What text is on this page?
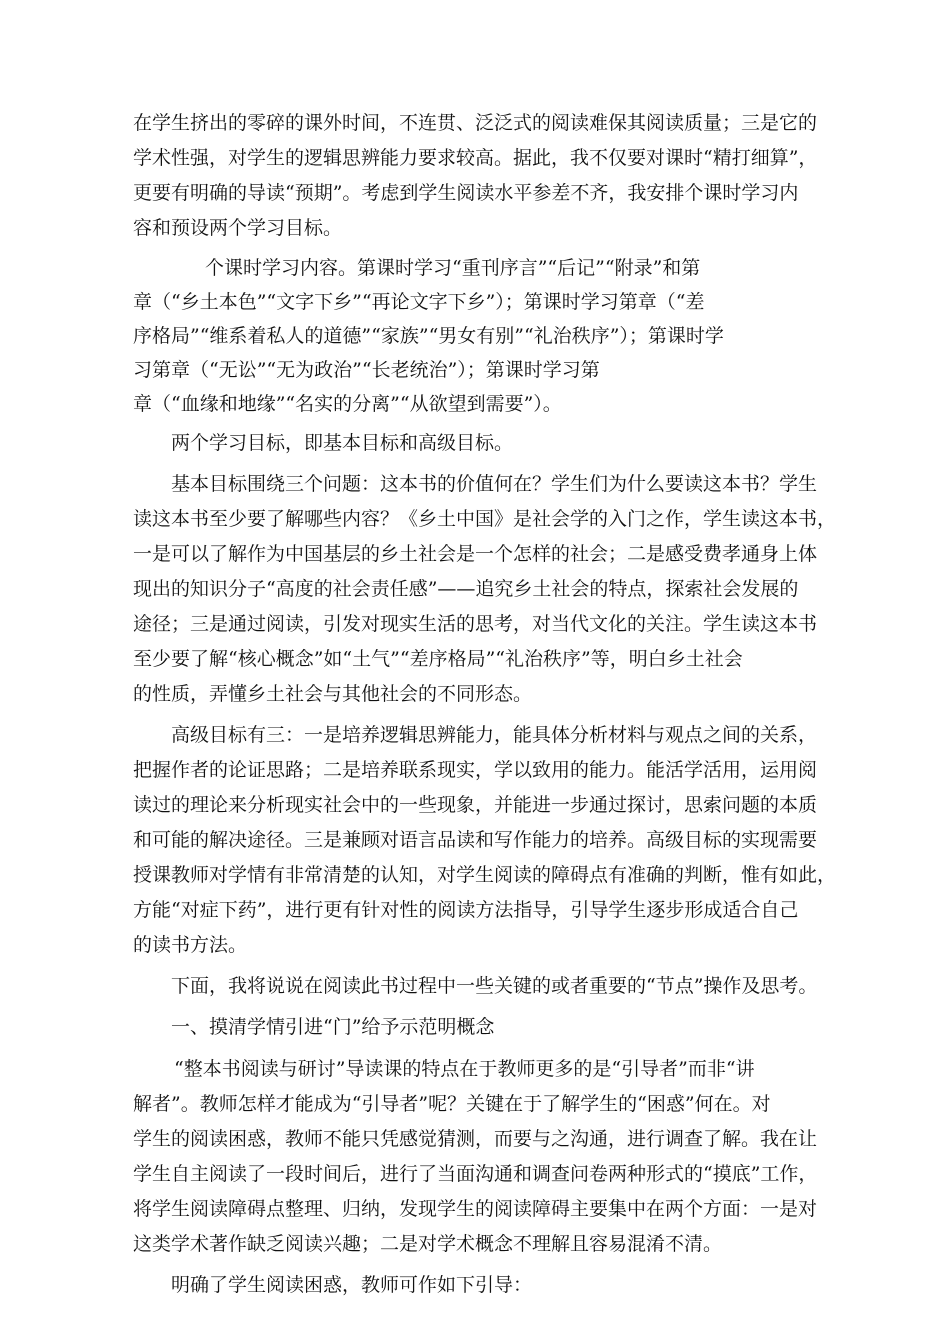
在学生挤出的零碎的课外时间，不连贯、泛泛式的阅读难保其阅读质量；三是它的
学术性强，对学生的逻辑思辨能力要求较高。据此，我不仅要对课时“精打细算”，
更要有明确的导读“预期”。考虑到学生阅读水平参差不齐，我安排个课时学习内
容和预设两个学习目标。
个课时学习内容。第课时学习“重刊序言”“后记”“附录”和第
章（“乡土本色”“文字下乡”“再论文字下乡”）；第课时学习第章（“差
序格局”“维系着私人的道德”“家族”“男女有别”“礼治秩序”）；第课时学
习第章（“无讼”“无为政治”“长老统治”）；第课时学习第
章（“血缘和地缘”“名实的分离”“从欲望到需要”）。
两个学习目标，即基本目标和高级目标。
基本目标围绕三个问题：这本书的价值何在？学生们为什么要读这本书？学生
读这本书至少要了解哪些内容？《乡土中国》是社会学的入门之作，学生读这本书，
一是可以了解作为中国基层的乡土社会是一个怎样的社会；二是感受费孝通身上体
现出的知识分子“高度的社会责任感”——追究乡土社会的特点，探索社会发展的
途径；三是通过阅读，引发对现实生活的思考，对当代文化的关注。学生读这本书
至少要了解“核心概念”如“土气”“差序格局”“礼治秩序”等，明白乡土社会
的性质，弄懂乡土社会与其他社会的不同形态。
高级目标有三：一是培养逻辑思辨能力，能具体分析材料与观点之间的关系，
把握作者的论证思路；二是培养联系现实，学以致用的能力。能活学活用，运用阅
读过的理论来分析现实社会中的一些现象，并能进一步通过探讨，思索问题的本质
和可能的解决途径。三是兼顾对语言品读和写作能力的培养。高级目标的实现需要
授课教师对学情有非常清楚的认知，对学生阅读的障碍点有准确的判断，惟有如此，
方能“对症下药”，进行更有针对性的阅读方法指导，引导学生逐步形成适合自己
的读书方法。
下面，我将说说在阅读此书过程中一些关键的或者重要的“节点”操作及思考。
一、摸清学情引进“门”给予示范明概念
“整本书阅读与研讨”导读课的特点在于教师更多的是“引导者”而非“讲
解者”。教师怎样才能成为“引导者”呢？关键在于了解学生的“困惑”何在。对
学生的阅读困惑，教师不能只凭感觉猜测，而要与之沟通，进行调查了解。我在让
学生自主阅读了一段时间后，进行了当面沟通和调查问卷两种形式的“摸底”工作，
将学生阅读障碍点整理、归纳，发现学生的阅读障碍主要集中在两个方面：一是对
这类学术著作缺乏阅读兴趣；二是对学术概念不理解且容易混淆不清。
明确了学生阅读困惑，教师可作如下引导：
